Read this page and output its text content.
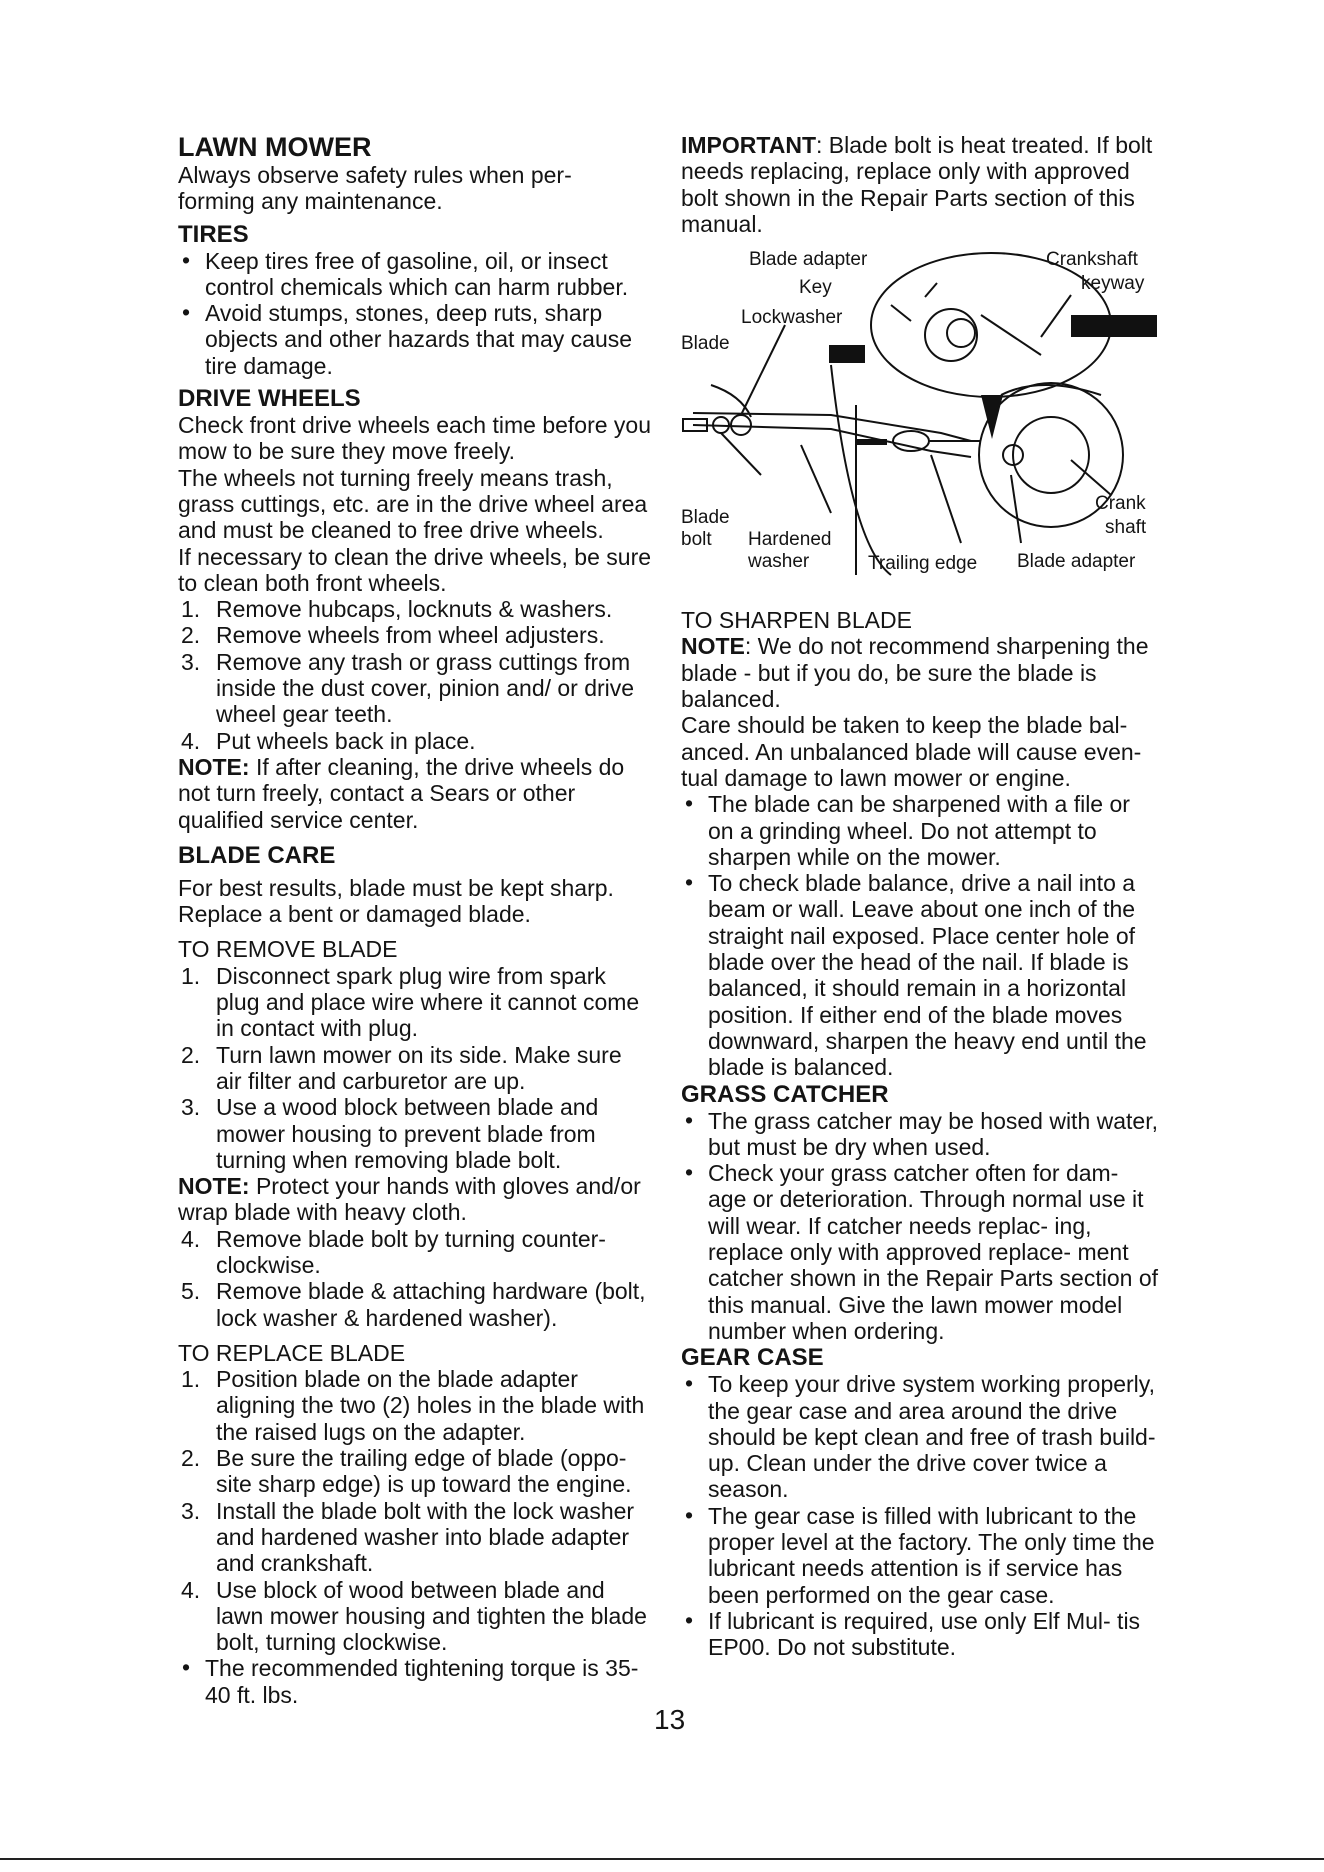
LAWN MOWER

Always observe safety rules when per- forming any maintenance.

TIRES

• Keep tires free of gasoline, oil, or insect control chemicals which can harm rubber.
• Avoid stumps, stones, deep ruts, sharp objects and other hazards that may cause tire damage.

DRIVE WHEELS

Check front drive wheels each time before you mow to be sure they move freely.

The wheels not turning freely means trash, grass cuttings, etc. are in the drive wheel area and must be cleaned to free drive wheels.

If necessary to clean the drive wheels, be sure to clean both front wheels.

1. Remove hubcaps, locknuts & washers.
2. Remove wheels from wheel adjusters.
3. Remove any trash or grass cuttings from inside the dust cover, pinion and/ or drive wheel gear teeth.
4. Put wheels back in place.

NOTE: If after cleaning, the drive wheels do not turn freely, contact a Sears or other qualified service center.

BLADE CARE

For best results, blade must be kept sharp. Replace a bent or damaged blade.

TO REMOVE BLADE

1. Disconnect spark plug wire from spark plug and place wire where it cannot come in contact with plug.
2. Turn lawn mower on its side. Make sure air filter and carburetor are up.
3. Use a wood block between blade and mower housing to prevent blade from turning when removing blade bolt.

NOTE: Protect your hands with gloves and/or wrap blade with heavy cloth.

4. Remove blade bolt by turning counter- clockwise.
5. Remove blade & attaching hardware (bolt, lock washer & hardened washer).

TO REPLACE BLADE

1. Position blade on the blade adapter aligning the two (2) holes in the blade with the raised lugs on the adapter.
2. Be sure the trailing edge of blade (oppo- site sharp edge) is up toward the engine.
3. Install the blade bolt with the lock washer and hardened washer into blade adapter and crankshaft.
4. Use block of wood between blade and lawn mower housing and tighten the blade bolt, turning clockwise.
• The recommended tightening torque is 35-40 ft. lbs.

IMPORTANT: Blade bolt is heat treated. If bolt needs replacing, replace only with approved bolt shown in the Repair Parts section of this manual.

Blade adapter
Key
Lockwasher
Blade
Crankshaft
keyway
Blade
bolt Hardened
washer	Trailing edge Blade adapter
Crank
shaft

TO SHARPEN BLADE

NOTE: We do not recommend sharpening the blade - but if you do, be sure the blade is balanced.

Care should be taken to keep the blade bal- anced. An unbalanced blade will cause even- tual damage to lawn mower or engine.

• The blade can be sharpened with a file or on a grinding wheel. Do not attempt to sharpen while on the mower.
• To check blade balance, drive a nail into a beam or wall. Leave about one inch of the straight nail exposed. Place center hole of blade over the head of the nail. If blade is balanced, it should remain in a horizontal position. If either end of the blade moves downward, sharpen the heavy end until the blade is balanced.

GRASS CATCHER

• The grass catcher may be hosed with water, but must be dry when used.
• Check your grass catcher often for dam- age or deterioration. Through normal use it will wear. If catcher needs replac- ing, replace only with approved replace- ment catcher shown in the Repair Parts section of this manual. Give the lawn mower model number when ordering.

GEAR CASE

• To keep your drive system working properly, the gear case and area around the drive should be kept clean and free of trash build-up. Clean under the drive cover twice a season.
• The gear case is filled with lubricant to the proper level at the factory. The only time the lubricant needs attention is if service has been performed on the gear case.
• If lubricant is required, use only Elf Mul- tis EP00. Do not substitute.
13
